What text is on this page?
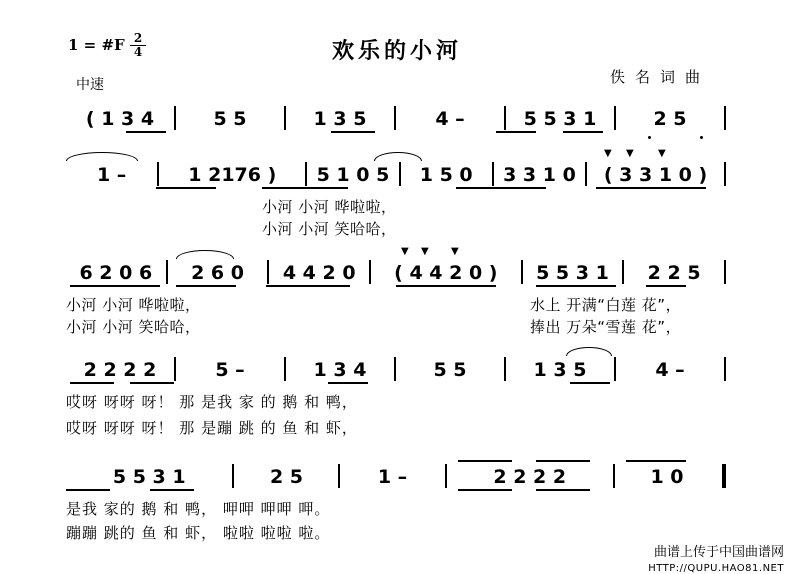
1 = #F 2
4	欢乐的小河
中速	佚名词曲
( 1 3 4	5 5	1 3 5	4 –	5 5 3 1	2 5
1 –	1 2176 ) 5 1 0 5 1 5 0 3 3 1 0 ( 3 3 1 0 )
▼ ▼ ▼
小河 小河 哗啦啦，
小河 小河 笑哈哈，
6 2 0 6 2 6 0 4 4 2 0 ( 4 4 2 0 ) 5 5 3 1 2 2 5
▼ ▼ ▼
小河 小河 哗啦啦，
小河 小河 笑哈哈，
水上 开满“白莲 花”，
捧出 万朵“雪莲 花”，
2 2 2 2	5 –	1 3 4	5 5	1 3 5	4 –
哎呀 呀呀 呀！ 那 是我 家 的 鹅 和 鸭，
哎呀 呀呀 呀！ 那 是蹦 跳 的 鱼 和 虾，
5 5 3 1	2 5	1 –	2 2 2 2	1 0
是我 家的 鹅 和 鸭， 呷呷 呷呷 呷。
蹦蹦 跳的 鱼 和 虾， 啦啦 啦啦 啦。
曲谱上传于中国曲谱网
HTTP://QUPU.HAO81.NET
